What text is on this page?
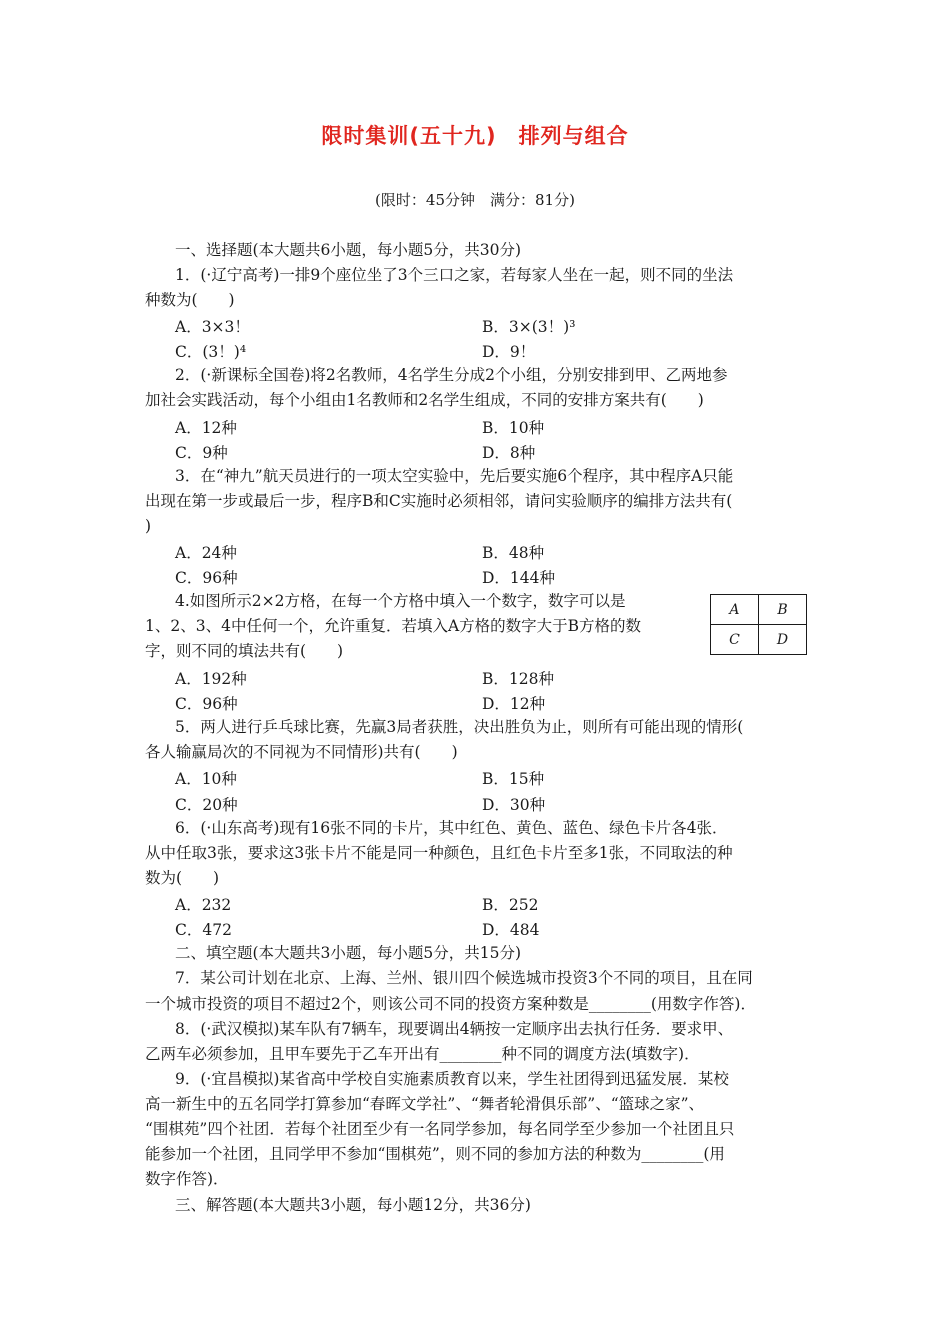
限时集训(五十九)　排列与组合
(限时：45分钟　满分：81分)
一、选择题(本大题共6小题，每小题5分，共30分)
1．(·辽宁高考)一排9个座位坐了3个三口之家，若每家人坐在一起，则不同的坐法
种数为(　　)
A．3×3！	B．3×(3！)³
C．(3！)⁴	D．9！
2．(·新课标全国卷)将2名教师，4名学生分成2个小组，分别安排到甲、乙两地参
加社会实践活动，每个小组由1名教师和2名学生组成，不同的安排方案共有(　　)
A．12种	B．10种
C．9种	D．8种
3．在“神九”航天员进行的一项太空实验中，先后要实施6个程序，其中程序A只能
出现在第一步或最后一步，程序B和C实施时必须相邻，请问实验顺序的编排方法共有(
)
A．24种	B．48种
C．96种	D．144种
4.如图所示2×2方格，在每一个方格中填入一个数字，数字可以是
1、2、3、4中任何一个，允许重复．若填入A方格的数字大于B方格的数
字，则不同的填法共有(　　)
A	B
C	D
A．192种	B．128种
C．96种	D．12种
5．两人进行乒乓球比赛，先赢3局者获胜，决出胜负为止，则所有可能出现的情形(
各人输赢局次的不同视为不同情形)共有(　　)
A．10种	B．15种
C．20种	D．30种
6．(·山东高考)现有16张不同的卡片，其中红色、黄色、蓝色、绿色卡片各4张．
从中任取3张，要求这3张卡片不能是同一种颜色，且红色卡片至多1张，不同取法的种
数为(　　)
A．232	B．252
C．472	D．484
二、填空题(本大题共3小题，每小题5分，共15分)
7．某公司计划在北京、上海、兰州、银川四个候选城市投资3个不同的项目，且在同
一个城市投资的项目不超过2个，则该公司不同的投资方案种数是________(用数字作答)．
8．(·武汉模拟)某车队有7辆车，现要调出4辆按一定顺序出去执行任务．要求甲、
乙两车必须参加，且甲车要先于乙车开出有________种不同的调度方法(填数字)．
9．(·宜昌模拟)某省高中学校自实施素质教育以来，学生社团得到迅猛发展．某校
高一新生中的五名同学打算参加“春晖文学社”、“舞者轮滑俱乐部”、“篮球之家”、
“围棋苑”四个社团．若每个社团至少有一名同学参加，每名同学至少参加一个社团且只
能参加一个社团，且同学甲不参加“围棋苑”，则不同的参加方法的种数为________(用
数字作答)．
三、解答题(本大题共3小题，每小题12分，共36分)
